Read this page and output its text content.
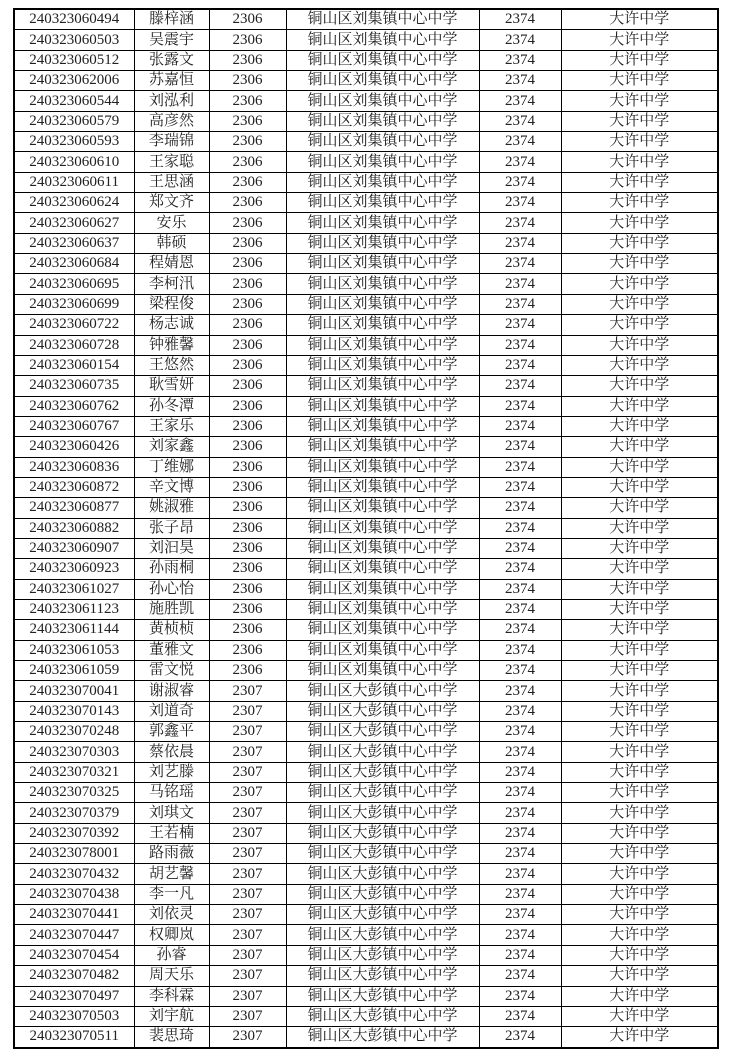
240323060494	滕梓涵	2306	铜山区刘集镇中心中学	2374	大许中学
240323060503	吴震宇	2306	铜山区刘集镇中心中学	2374	大许中学
240323060512	张露文	2306	铜山区刘集镇中心中学	2374	大许中学
240323062006	苏嘉恒	2306	铜山区刘集镇中心中学	2374	大许中学
240323060544	刘泓利	2306	铜山区刘集镇中心中学	2374	大许中学
240323060579	高彦然	2306	铜山区刘集镇中心中学	2374	大许中学
240323060593	李瑞锦	2306	铜山区刘集镇中心中学	2374	大许中学
240323060610	王家聪	2306	铜山区刘集镇中心中学	2374	大许中学
240323060611	王思涵	2306	铜山区刘集镇中心中学	2374	大许中学
240323060624	郑文齐	2306	铜山区刘集镇中心中学	2374	大许中学
240323060627	安乐	2306	铜山区刘集镇中心中学	2374	大许中学
240323060637	韩硕	2306	铜山区刘集镇中心中学	2374	大许中学
240323060684	程婧恩	2306	铜山区刘集镇中心中学	2374	大许中学
240323060695	李柯汛	2306	铜山区刘集镇中心中学	2374	大许中学
240323060699	梁程俊	2306	铜山区刘集镇中心中学	2374	大许中学
240323060722	杨志诚	2306	铜山区刘集镇中心中学	2374	大许中学
240323060728	钟雅馨	2306	铜山区刘集镇中心中学	2374	大许中学
240323060154	王悠然	2306	铜山区刘集镇中心中学	2374	大许中学
240323060735	耿雪妍	2306	铜山区刘集镇中心中学	2374	大许中学
240323060762	孙冬潭	2306	铜山区刘集镇中心中学	2374	大许中学
240323060767	王家乐	2306	铜山区刘集镇中心中学	2374	大许中学
240323060426	刘家鑫	2306	铜山区刘集镇中心中学	2374	大许中学
240323060836	丁维娜	2306	铜山区刘集镇中心中学	2374	大许中学
240323060872	辛文博	2306	铜山区刘集镇中心中学	2374	大许中学
240323060877	姚淑雅	2306	铜山区刘集镇中心中学	2374	大许中学
240323060882	张子昂	2306	铜山区刘集镇中心中学	2374	大许中学
240323060907	刘汩昊	2306	铜山区刘集镇中心中学	2374	大许中学
240323060923	孙雨桐	2306	铜山区刘集镇中心中学	2374	大许中学
240323061027	孙心怡	2306	铜山区刘集镇中心中学	2374	大许中学
240323061123	施胜凯	2306	铜山区刘集镇中心中学	2374	大许中学
240323061144	黄桢桢	2306	铜山区刘集镇中心中学	2374	大许中学
240323061053	董雅文	2306	铜山区刘集镇中心中学	2374	大许中学
240323061059	雷文悦	2306	铜山区刘集镇中心中学	2374	大许中学
240323070041	谢淑睿	2307	铜山区大彭镇中心中学	2374	大许中学
240323070143	刘道奇	2307	铜山区大彭镇中心中学	2374	大许中学
240323070248	郭鑫平	2307	铜山区大彭镇中心中学	2374	大许中学
240323070303	蔡依晨	2307	铜山区大彭镇中心中学	2374	大许中学
240323070321	刘艺滕	2307	铜山区大彭镇中心中学	2374	大许中学
240323070325	马铭瑶	2307	铜山区大彭镇中心中学	2374	大许中学
240323070379	刘琪文	2307	铜山区大彭镇中心中学	2374	大许中学
240323070392	王若楠	2307	铜山区大彭镇中心中学	2374	大许中学
240323078001	路雨薇	2307	铜山区大彭镇中心中学	2374	大许中学
240323070432	胡艺馨	2307	铜山区大彭镇中心中学	2374	大许中学
240323070438	李一凡	2307	铜山区大彭镇中心中学	2374	大许中学
240323070441	刘依灵	2307	铜山区大彭镇中心中学	2374	大许中学
240323070447	权卿岚	2307	铜山区大彭镇中心中学	2374	大许中学
240323070454	孙睿	2307	铜山区大彭镇中心中学	2374	大许中学
240323070482	周天乐	2307	铜山区大彭镇中心中学	2374	大许中学
240323070497	李科霖	2307	铜山区大彭镇中心中学	2374	大许中学
240323070503	刘宇航	2307	铜山区大彭镇中心中学	2374	大许中学
240323070511	裴思琦	2307	铜山区大彭镇中心中学	2374	大许中学
